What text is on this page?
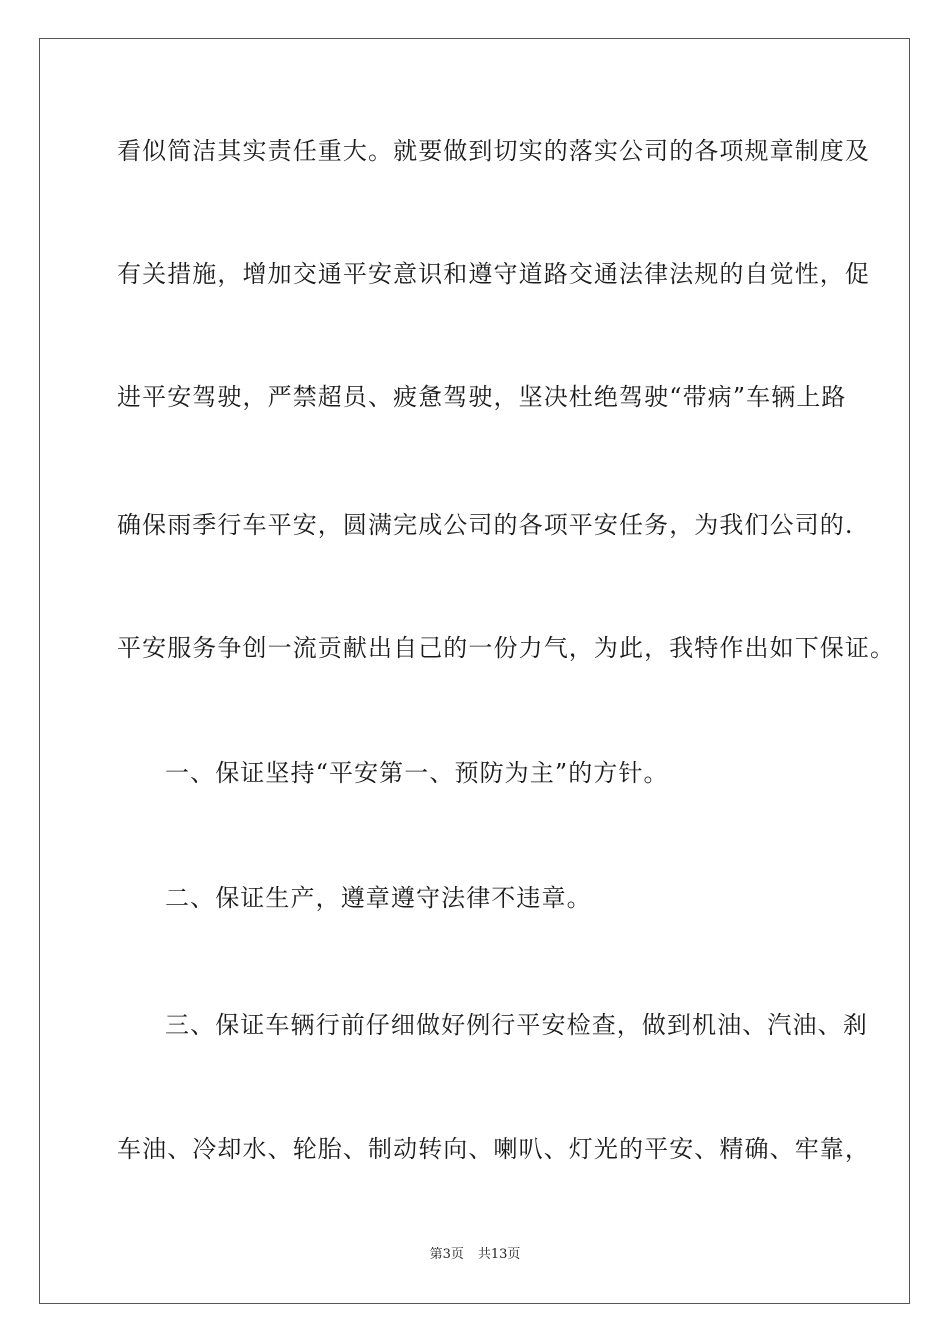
看似简洁其实责任重大。就要做到切实的落实公司的各项规章制度及
有关措施，增加交通平安意识和遵守道路交通法律法规的自觉性，促
进平安驾驶，严禁超员、疲惫驾驶，坚决杜绝驾驶“带病”车辆上路
确保雨季行车平安，圆满完成公司的各项平安任务，为我们公司的.
平安服务争创一流贡献出自己的一份力气，为此，我特作出如下保证。
一、保证坚持“平安第一、预防为主”的方针。
二、保证生产，遵章遵守法律不违章。
三、保证车辆行前仔细做好例行平安检查，做到机油、汽油、刹
车油、冷却水、轮胎、制动转向、喇叭、灯光的平安、精确、牢靠，
第3页 共13页
